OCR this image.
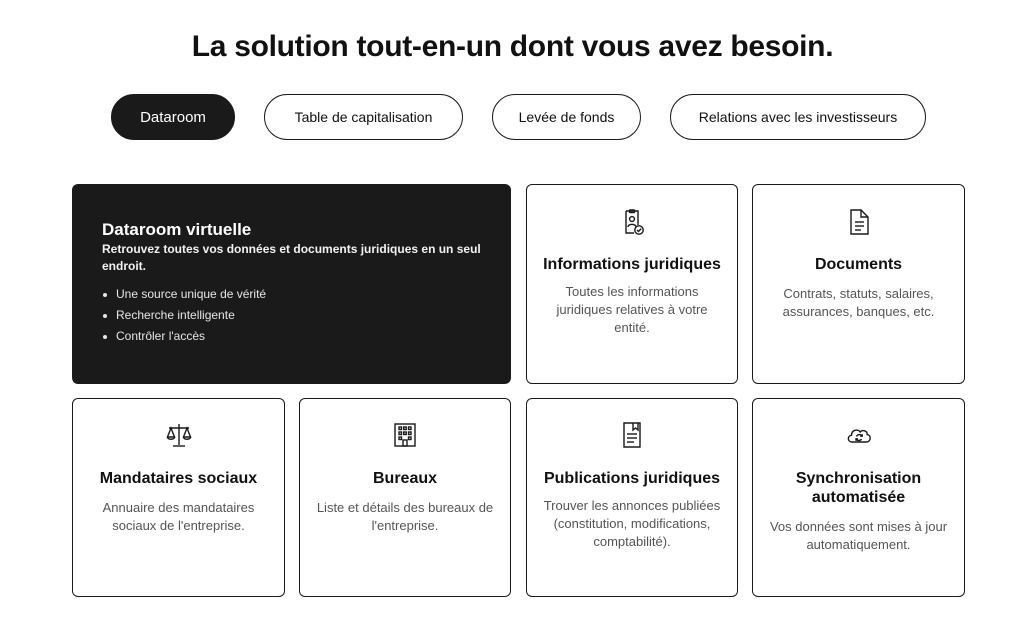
La solution tout-en-un dont vous avez besoin.
Dataroom	Table de capitalisation	Levée de fonds	Relations avec les investisseurs
Dataroom virtuelle
Retrouvez toutes vos données et documents juridiques en un seul endroit.
Une source unique de vérité
Recherche intelligente
Contrôler l'accès
Informations juridiques

Toutes les informations juridiques relatives à votre entité.

Documents

Contrats, statuts, salaires, assurances, banques, etc.

Mandataires sociaux

Annuaire des mandataires sociaux de l'entreprise.

Bureaux

Liste et détails des bureaux de l'entreprise.

Publications juridiques

Trouver les annonces publiées (constitution, modifications, comptabilité).

Synchronisation automatisée

Vos données sont mises à jour automatiquement.
